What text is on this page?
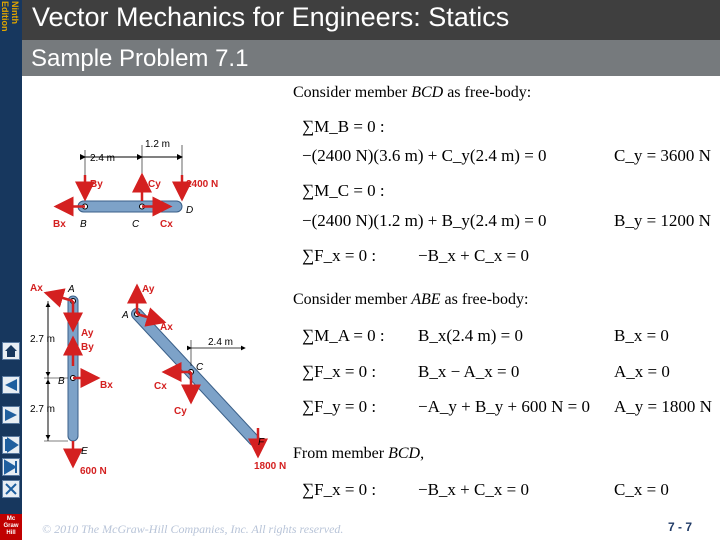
Ninth
Edition
Mc
Graw
Hill
Vector Mechanics for Engineers: Statics
Sample Problem 7.1
Consider member BCD as free-body:
∑M_B = 0 :
−(2400 N)(3.6 m) + C_y(2.4 m) = 0	C_y = 3600 N
∑M_C = 0 :
−(2400 N)(1.2 m) + B_y(2.4 m) = 0	B_y = 1200 N
∑F_x = 0 : −B_x + C_x = 0
Consider member ABE as free-body:
∑M_A = 0 : B_x(2.4 m) = 0	B_x = 0
∑F_x = 0 : B_x − A_x = 0	A_x = 0
∑F_y = 0 : −A_y + B_y + 600 N = 0 A_y = 1800 N
From member BCD,
∑F_x = 0 : −B_x + C_x = 0	C_x = 0
2.4 m
1.2 m
By	Cy	2400 N
Bx B	C Cx
D
Ax	A
Ay
By
2.7 m
B	Bx
2.7 m
E
600 N
Ay
A
Ax
2.4 m
C
Cx
Cy
F
1800 N
© 2010 The McGraw-Hill Companies, Inc. All rights reserved.	7 - 7
